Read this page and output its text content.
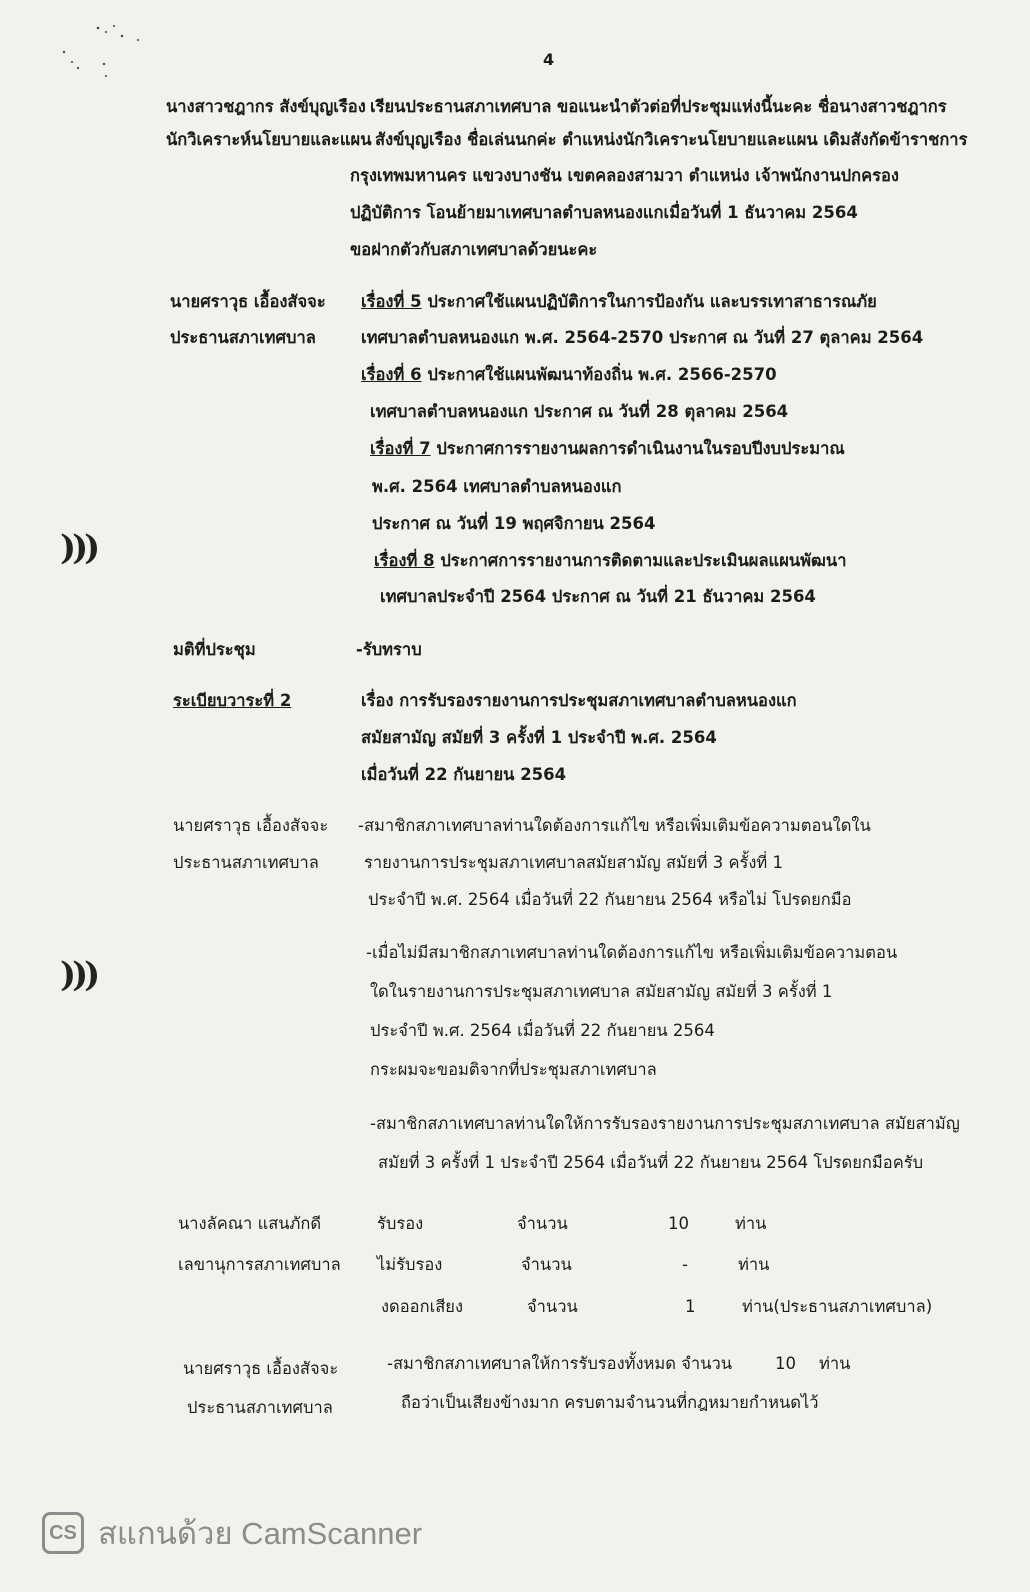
4
นางสาวชฎากร สังข์บุญเรือง เรียนประธานสภาเทศบาล ขอแนะนำตัวต่อที่ประชุมแห่งนี้นะคะ ชื่อนางสาวชฎากร
นักวิเคราะห์นโยบายและแผน สังข์บุญเรือง ชื่อเล่นนกค่ะ ตำแหน่งนักวิเคราะนโยบายและแผน เดิมสังกัดข้าราชการ
กรุงเทพมหานคร แขวงบางชัน เขตคลองสามวา ตำแหน่ง เจ้าพนักงานปกครอง
ปฏิบัติการ โอนย้ายมาเทศบาลตำบลหนองแกเมื่อวันที่ 1 ธันวาคม 2564
ขอฝากตัวกับสภาเทศบาลด้วยนะคะ
นายศราวุธ เอื้องสัจจะ
ประธานสภาเทศบาล
เรื่องที่ 5 ประกาศใช้แผนปฏิบัติการในการป้องกัน และบรรเทาสาธารณภัย
เทศบาลตำบลหนองแก พ.ศ. 2564-2570 ประกาศ ณ วันที่ 27 ตุลาคม 2564
เรื่องที่ 6 ประกาศใช้แผนพัฒนาท้องถิ่น พ.ศ. 2566-2570
เทศบาลตำบลหนองแก ประกาศ ณ วันที่ 28 ตุลาคม 2564
เรื่องที่ 7 ประกาศการรายงานผลการดำเนินงานในรอบปีงบประมาณ
พ.ศ. 2564 เทศบาลตำบลหนองแก
ประกาศ ณ วันที่ 19 พฤศจิกายน 2564
เรื่องที่ 8 ประกาศการรายงานการติดตามและประเมินผลแผนพัฒนา
เทศบาลประจำปี 2564 ประกาศ ณ วันที่ 21 ธันวาคม 2564
)))
มติที่ประชุม	-รับทราบ
ระเบียบวาระที่ 2	เรื่อง การรับรองรายงานการประชุมสภาเทศบาลตำบลหนองแก
สมัยสามัญ สมัยที่ 3 ครั้งที่ 1 ประจำปี พ.ศ. 2564
เมื่อวันที่ 22 กันยายน 2564
นายศราวุธ เอื้องสัจจะ
ประธานสภาเทศบาล
-สมาชิกสภาเทศบาลท่านใดต้องการแก้ไข หรือเพิ่มเติมข้อความตอนใดใน
รายงานการประชุมสภาเทศบาลสมัยสามัญ สมัยที่ 3 ครั้งที่ 1
ประจำปี พ.ศ. 2564 เมื่อวันที่ 22 กันยายน 2564 หรือไม่ โปรดยกมือ
-เมื่อไม่มีสมาชิกสภาเทศบาลท่านใดต้องการแก้ไข หรือเพิ่มเติมข้อความตอน
ใดในรายงานการประชุมสภาเทศบาล สมัยสามัญ สมัยที่ 3 ครั้งที่ 1
ประจำปี พ.ศ. 2564 เมื่อวันที่ 22 กันยายน 2564
กระผมจะขอมติจากที่ประชุมสภาเทศบาล
)))
-สมาชิกสภาเทศบาลท่านใดให้การรับรองรายงานการประชุมสภาเทศบาล สมัยสามัญ
สมัยที่ 3 ครั้งที่ 1 ประจำปี 2564 เมื่อวันที่ 22 กันยายน 2564 โปรดยกมือครับ
นางลัคณา แสนภักดี
เลขานุการสภาเทศบาล
รับรอง	จำนวน	10	ท่าน
ไม่รับรอง	จำนวน	-	ท่าน
งดออกเสียง	จำนวน	1	ท่าน(ประธานสภาเทศบาล)
นายศราวุธ เอื้องสัจจะ
ประธานสภาเทศบาล
-สมาชิกสภาเทศบาลให้การรับรองทั้งหมด จำนวน	10 ท่าน
ถือว่าเป็นเสียงข้างมาก ครบตามจำนวนที่กฎหมายกำหนดไว้
CS สแกนด้วย CamScanner
